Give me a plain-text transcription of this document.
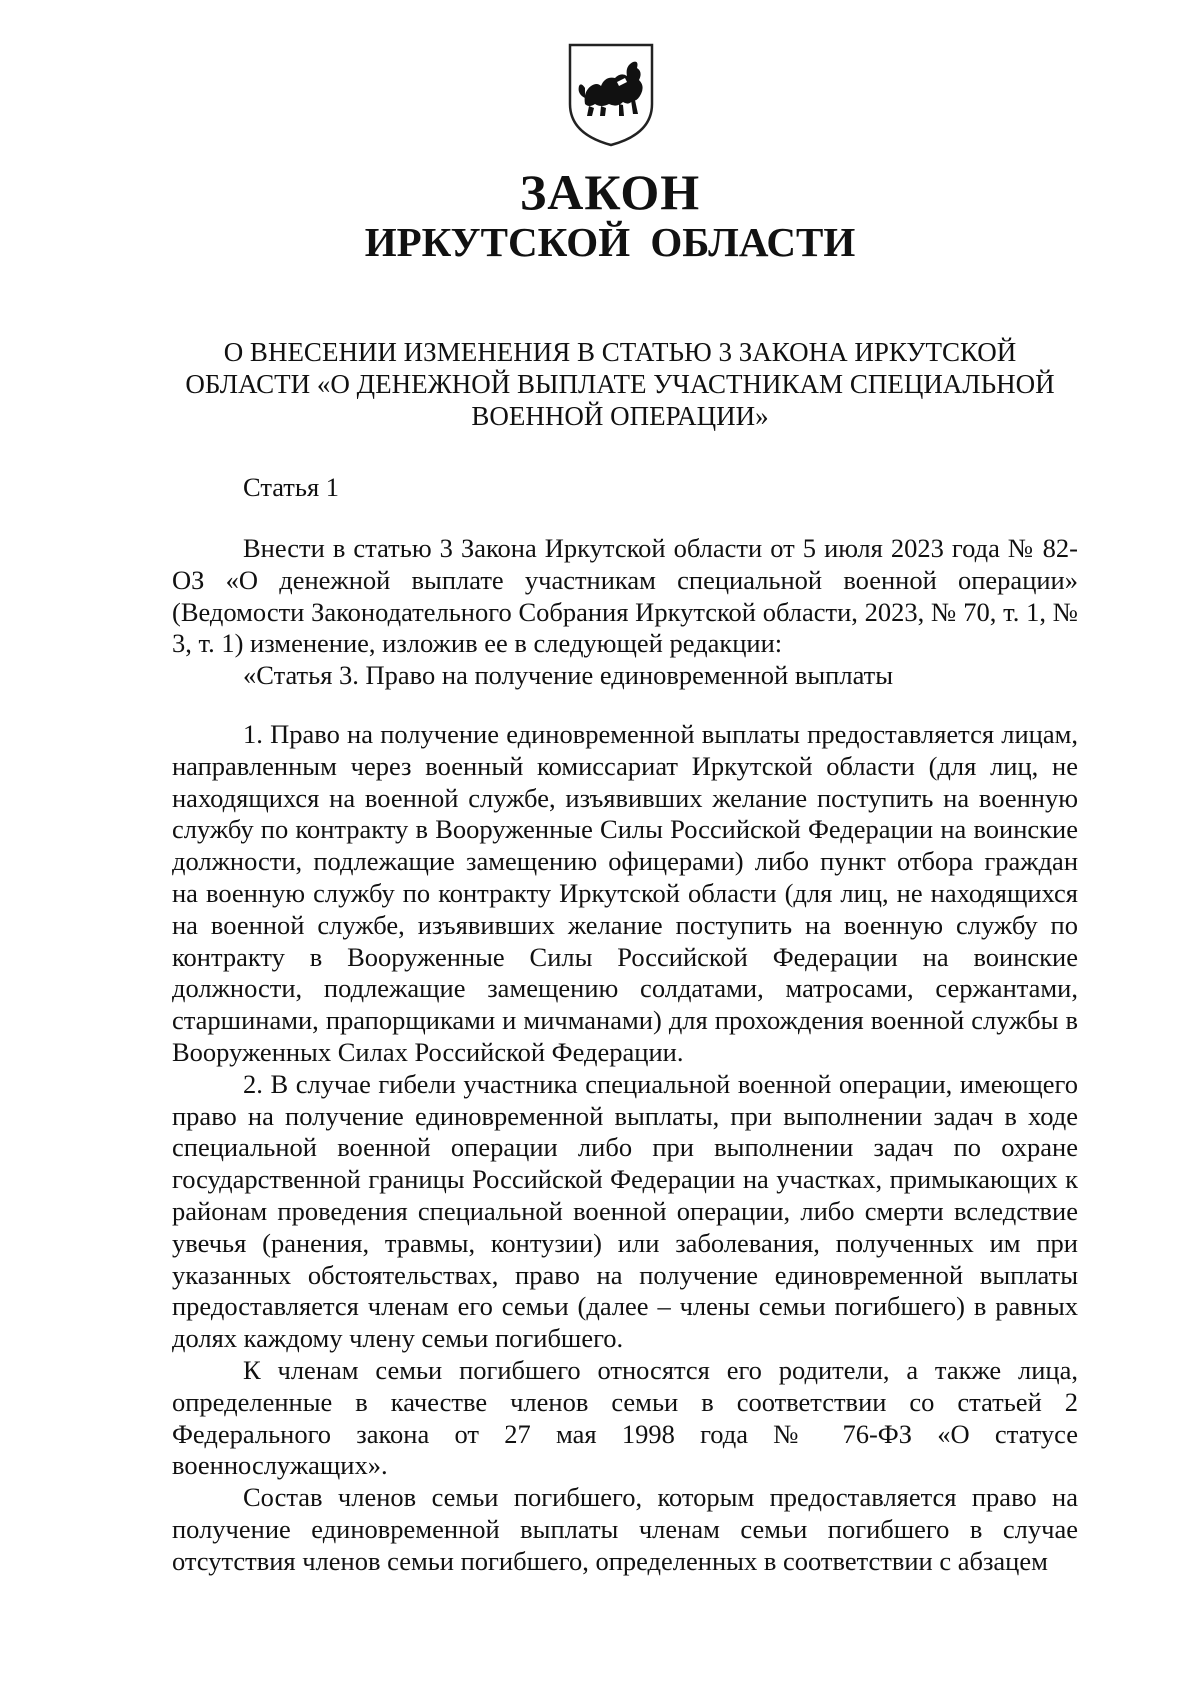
ЗАКОН
ИРКУТСКОЙ ОБЛАСТИ
О ВНЕСЕНИИ ИЗМЕНЕНИЯ В СТАТЬЮ 3 ЗАКОНА ИРКУТСКОЙ
ОБЛАСТИ «О ДЕНЕЖНОЙ ВЫПЛАТЕ УЧАСТНИКАМ СПЕЦИАЛЬНОЙ
ВОЕННОЙ ОПЕРАЦИИ»

Статья 1

Внести в статью 3 Закона Иркутской области от 5 июля 2023 года № 82-ОЗ «О денежной выплате участникам специальной военной операции» (Ведомости Законодательного Собрания Иркутской области, 2023, № 70, т. 1, № 3, т. 1) изменение, изложив ее в следующей редакции:

«Статья 3. Право на получение единовременной выплаты

1. Право на получение единовременной выплаты предоставляется лицам, направленным через военный комиссариат Иркутской области (для лиц, не находящихся на военной службе, изъявивших желание поступить на военную службу по контракту в Вооруженные Силы Российской Федерации на воинские должности, подлежащие замещению офицерами) либо пункт отбора граждан на военную службу по контракту Иркутской области (для лиц, не находящихся на военной службе, изъявивших желание поступить на военную службу по контракту в Вооруженные Силы Российской Федерации на воинские должности, подлежащие замещению солдатами, матросами, сержантами, старшинами, прапорщиками и мичманами) для прохождения военной службы в Вооруженных Силах Российской Федерации.

2. В случае гибели участника специальной военной операции, имеющего право на получение единовременной выплаты, при выполнении задач в ходе специальной военной операции либо при выполнении задач по охране государственной границы Российской Федерации на участках, примыкающих к районам проведения специальной военной операции, либо смерти вследствие увечья (ранения, травмы, контузии) или заболевания, полученных им при указанных обстоятельствах, право на получение единовременной выплаты предоставляется членам его семьи (далее – члены семьи погибшего) в равных долях каждому члену семьи погибшего.

К членам семьи погибшего относятся его родители, а также лица, определенные в качестве членов семьи в соответствии со статьей 2 Федерального закона от 27 мая 1998 года № 76-ФЗ «О статусе военнослужащих».

Состав членов семьи погибшего, которым предоставляется право на получение единовременной выплаты членам семьи погибшего в случае отсутствия членов семьи погибшего, определенных в соответствии с абзацем
